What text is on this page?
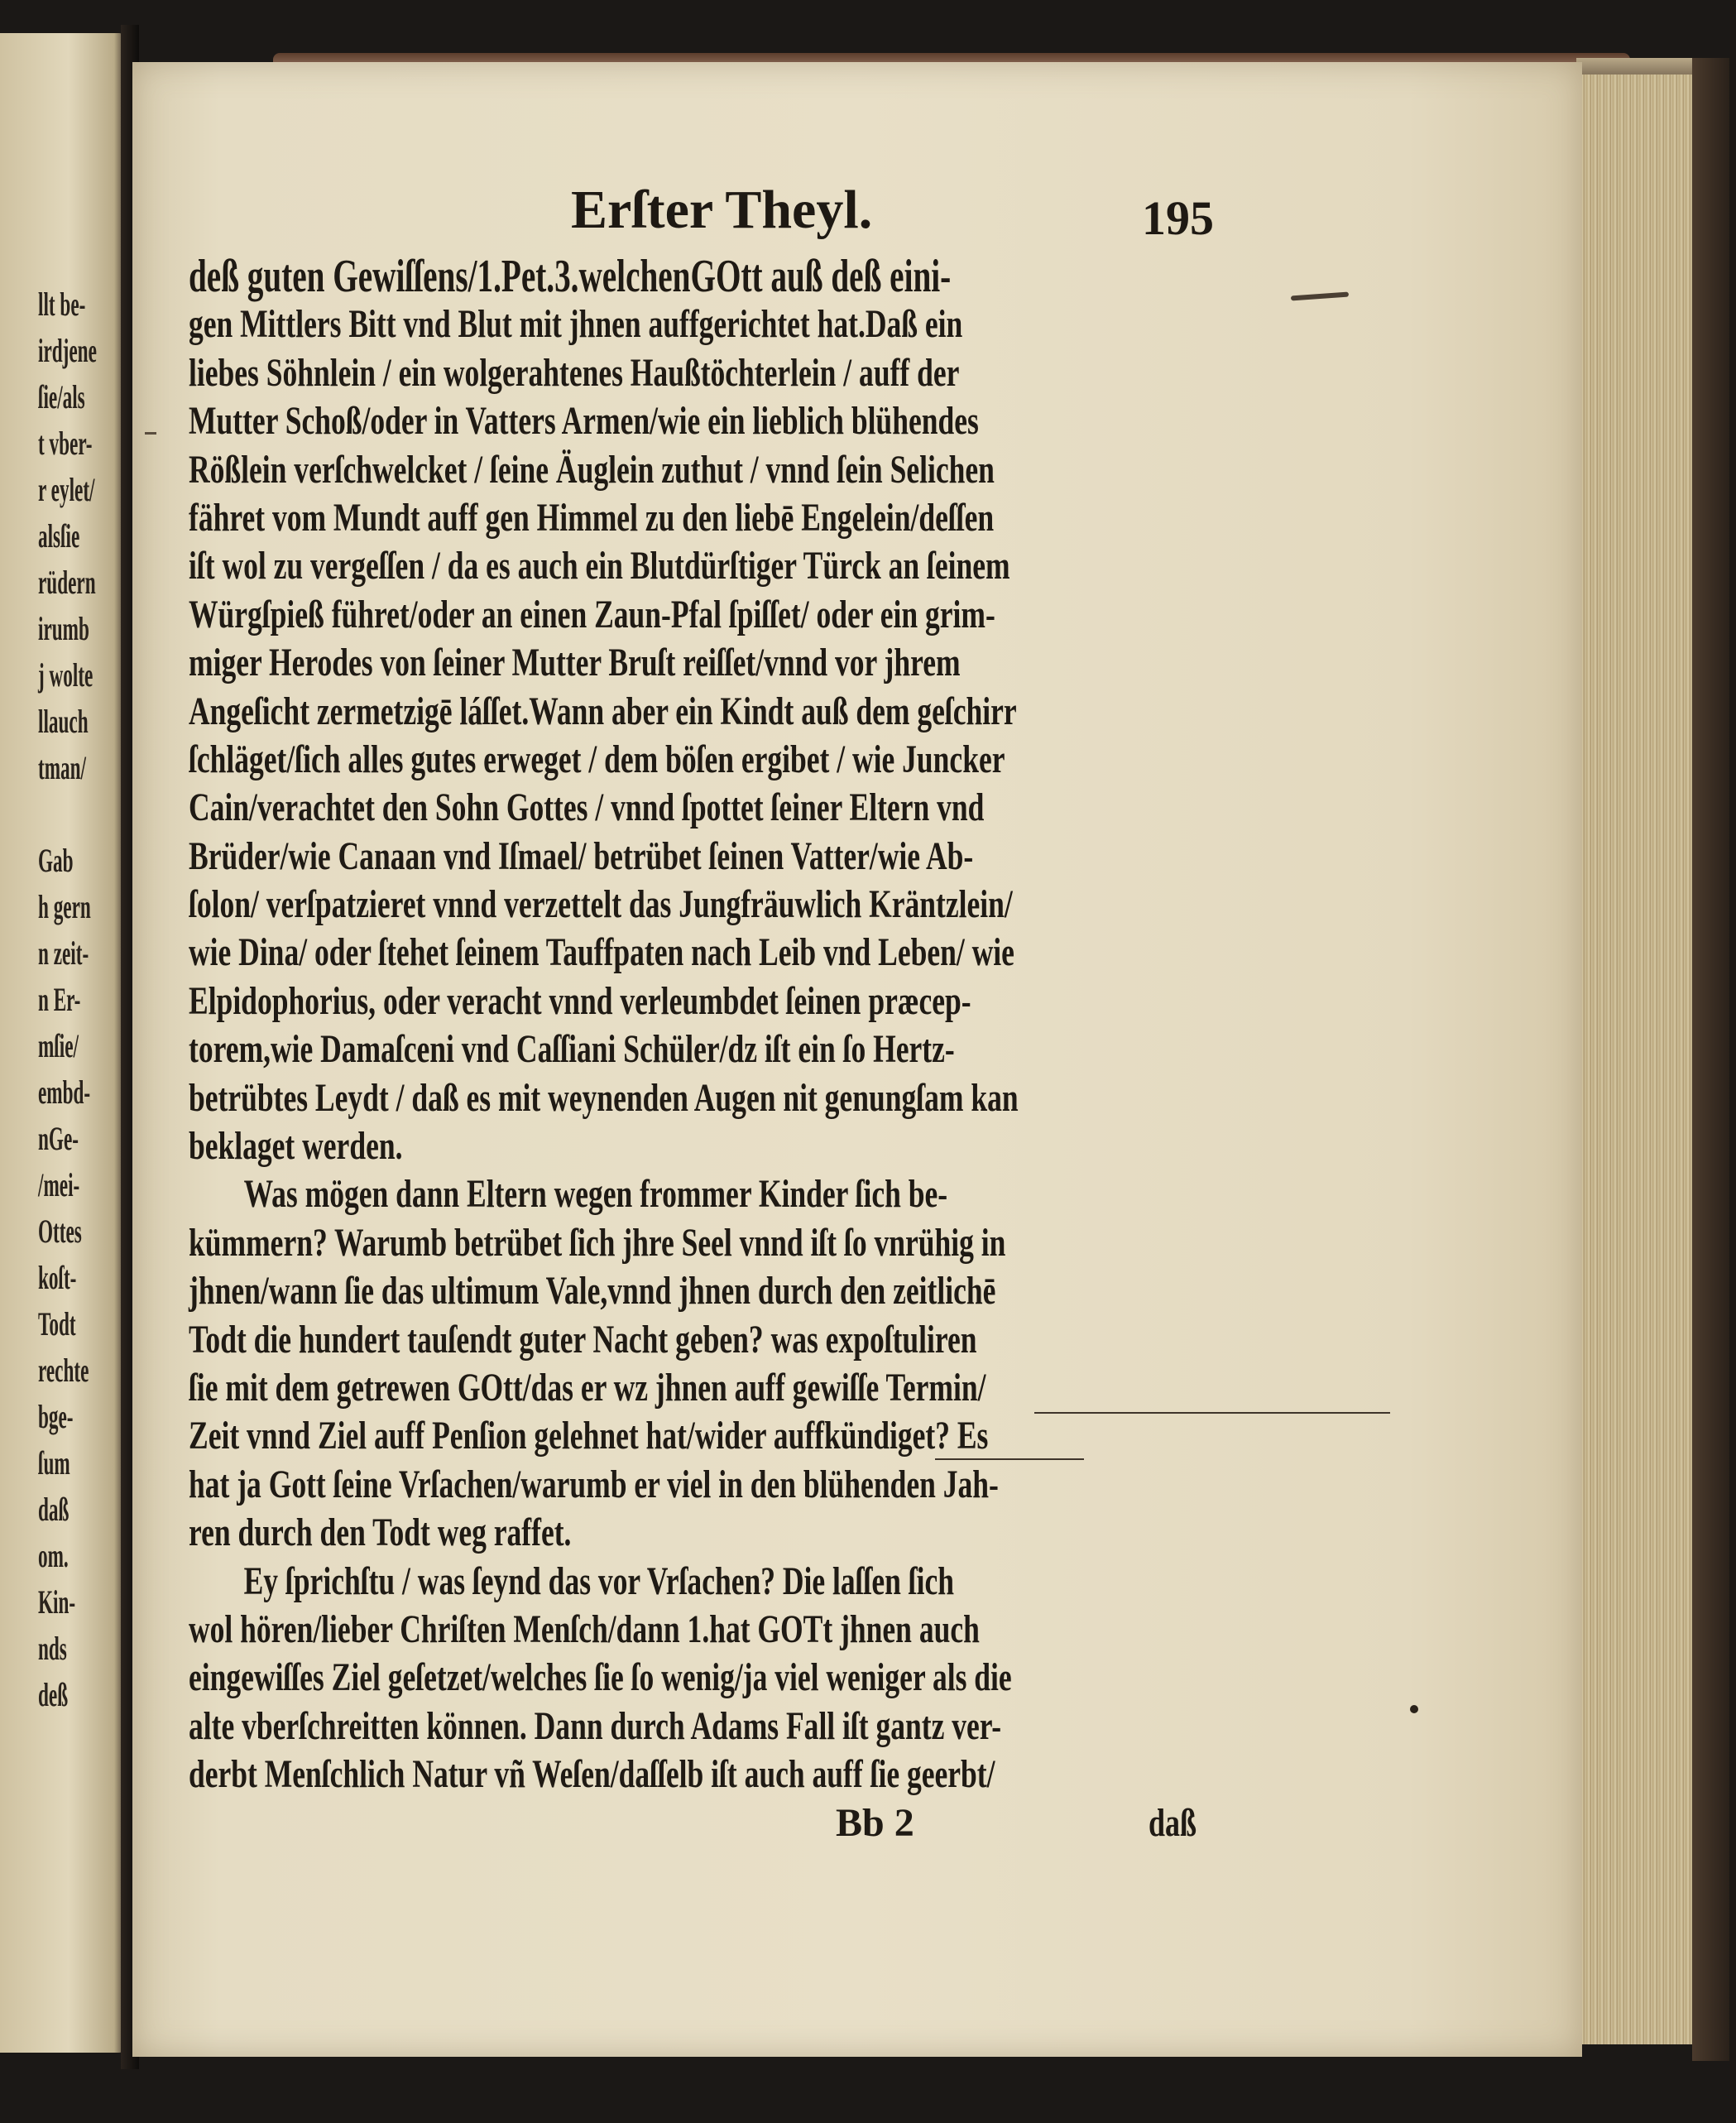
llt be-
irdjene
ſie/als
t vber-
r eylet/
alsſie
rüdern
irumb
j wolte
llauch
tman/
Gab
h gern
n zeit-
n Er-
mſie/
embd-
nGe-
/mei-
Ottes
koſt-
Todt
rechte
bge-
ſum
daß
om.
Kin-
nds
deß
Erſter Theyl.	195
deß guten Gewiſſens/1.Pet.3.welchenGOtt auß deß eini-
gen Mittlers Bitt vnd Blut mit jhnen auffgerichtet hat.Daß ein
liebes Söhnlein / ein wolgerahtenes Haußtöchterlein / auff der
Mutter Schoß/oder in Vatters Armen/wie ein lieblich blühendes
Rößlein verſchwelcket / ſeine Äuglein zuthut / vnnd ſein Selichen
fähret vom Mundt auff gen Himmel zu den liebē Engelein/deſſen
iſt wol zu vergeſſen / da es auch ein Blutdürſtiger Türck an ſeinem
Würgſpieß führet/oder an einen Zaun-Pfal ſpiſſet/ oder ein grim-
miger Herodes von ſeiner Mutter Bruſt reiſſet/vnnd vor jhrem
Angeſicht zermetzigē láſſet.Wann aber ein Kindt auß dem geſchirr
ſchläget/ſich alles gutes erweget / dem böſen ergibet / wie Juncker
Cain/verachtet den Sohn Gottes / vnnd ſpottet ſeiner Eltern vnd
Brüder/wie Canaan vnd Iſmael/ betrübet ſeinen Vatter/wie Ab-
ſolon/ verſpatzieret vnnd verzettelt das Jungfräuwlich Kräntzlein/
wie Dina/ oder ſtehet ſeinem Tauffpaten nach Leib vnd Leben/ wie
Elpidophorius, oder veracht vnnd verleumbdet ſeinen præcep-
torem,wie Damaſceni vnd Caſſiani Schüler/dz iſt ein ſo Hertz-
betrübtes Leydt / daß es mit weynenden Augen nit genungſam kan
beklaget werden.
Was mögen dann Eltern wegen frommer Kinder ſich be-
kümmern? Warumb betrübet ſich jhre Seel vnnd iſt ſo vnrühig in
jhnen/wann ſie das ultimum Vale,vnnd jhnen durch den zeitlichē
Todt die hundert tauſendt guter Nacht geben? was expoſtuliren
ſie mit dem getrewen GOtt/das er wz jhnen auff gewiſſe Termin/
Zeit vnnd Ziel auff Penſion gelehnet hat/wider auffkündiget? Es
hat ja Gott ſeine Vrſachen/warumb er viel in den blühenden Jah-
ren durch den Todt weg raffet.
Ey ſprichſtu / was ſeynd das vor Vrſachen? Die laſſen ſich
wol hören/lieber Chriſten Menſch/dann 1.hat GOTt jhnen auch
eingewiſſes Ziel geſetzet/welches ſie ſo wenig/ja viel weniger als die
alte vberſchreitten können. Dann durch Adams Fall iſt gantz ver-
derbt Menſchlich Natur vñ Weſen/daſſelb iſt auch auff ſie geerbt/
Bb 2	daß
